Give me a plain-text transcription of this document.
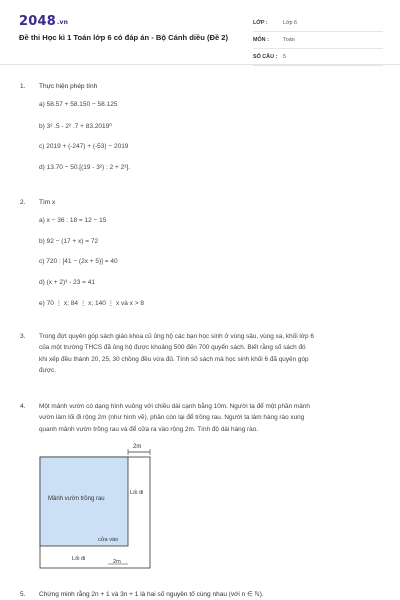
2048.vn
Đề thi Học kì 1 Toán lớp 6 có đáp án - Bộ Cánh diều (Đề 2)
LỚP :	Lớp 6
MÔN :	Toán
SỐ CÂU :	5
1. Thực hiện phép tính
a) 58.57 + 58.150 − 58.125
b) 3² .5 - 2² .7 + 83.2019⁰
c) 2019 + (-247) + (-53) − 2019
d) 13.70 − 50.[(19 - 3²) : 2 + 2³].
2. Tìm x
a) x − 36 : 18 = 12 − 15
b) 92 − (17 + x) = 72
c) 720 : [41 − (2x + 5)] = 40
d) (x + 2)³ - 23 = 41
e) 70 ⋮ x; 84 ⋮ x; 140 ⋮ x và x > 8
3. Trong đợt quyên góp sách giáo khoa cũ ủng hộ các bạn học sinh ở vùng sâu, vùng xa, khối lớp 6
của một trường THCS đã ủng hộ được khoảng 500 đến 700 quyển sách. Biết rằng số sách đó
khi xếp đều thành 20, 25, 30 chồng đều vừa đủ. Tính số sách mà học sinh khối 6 đã quyên góp
được.
4. Một mảnh vườn có dạng hình vuông với chiều dài cạnh bằng 10m. Người ta để một phần mảnh
vườn làm lối đi rộng 2m (như hình vẽ), phần còn lại để trồng rau. Người ta làm hàng rào xung
quanh mảnh vườn trồng rau và để cửa ra vào rộng 2m. Tính độ dài hàng rào.
2m
Mảnh vườn trồng rau
Lối đi
cửa vào
Lối đi	2m
5. Chứng minh rằng 2n + 1 và 3n + 1 là hai số nguyên tố cùng nhau (với n ∈ ℕ).
